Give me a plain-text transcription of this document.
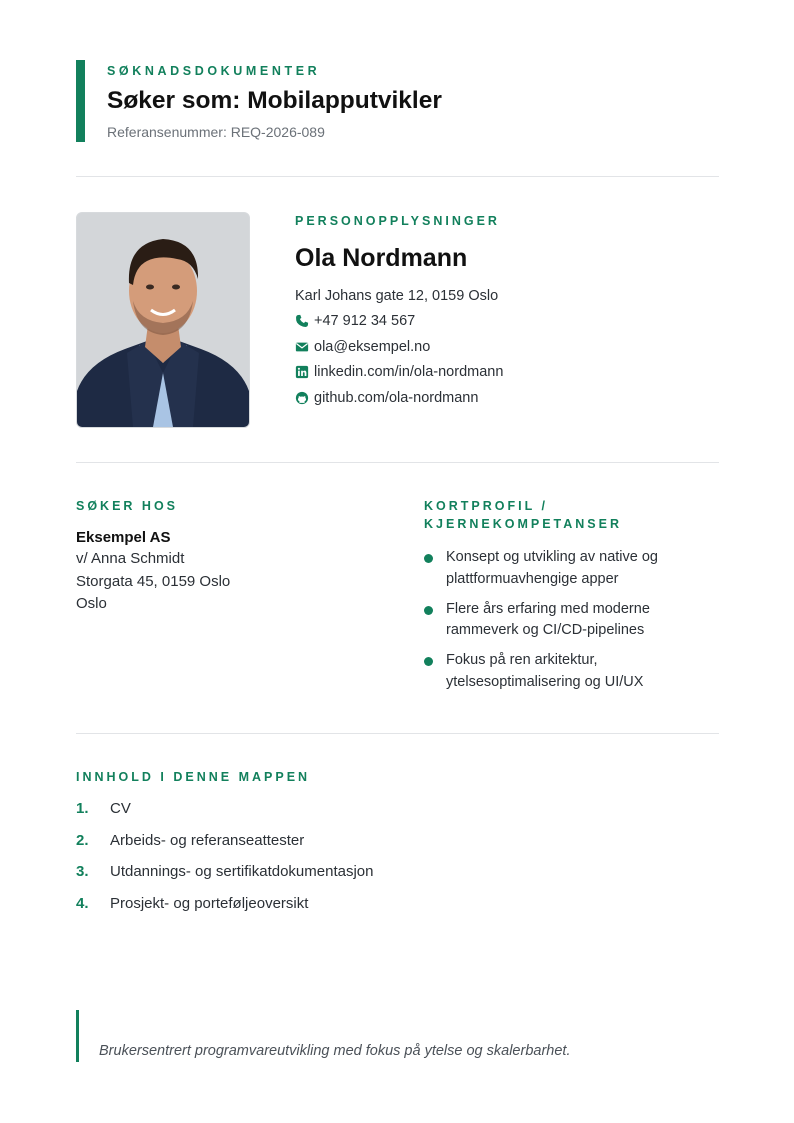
SØKNADSDOKUMENTER
Søker som: Mobilapputvikler
Referansenummer: REQ-2026-089
PERSONOPPLYSNINGER
Ola Nordmann
Karl Johans gate 12, 0159 Oslo
+47 912 34 567
ola@eksempel.no
linkedin.com/in/ola-nordmann
github.com/ola-nordmann
SØKER HOS
Eksempel AS
v/ Anna Schmidt
Storgata 45, 0159 Oslo
Oslo
KORTPROFIL /
KJERNEKOMPETANSER
Konsept og utvikling av native og plattformuavhengige apper
Flere års erfaring med moderne rammeverk og CI/CD-pipelines
Fokus på ren arkitektur, ytelsesoptimalisering og UI/UX
INNHOLD I DENNE MAPPEN
1.	CV
2.	Arbeids- og referanseattester
3.	Utdannings- og sertifikatdokumentasjon
4.	Prosjekt- og porteføljeoversikt
Brukersentrert programvareutvikling med fokus på ytelse og skalerbarhet.
